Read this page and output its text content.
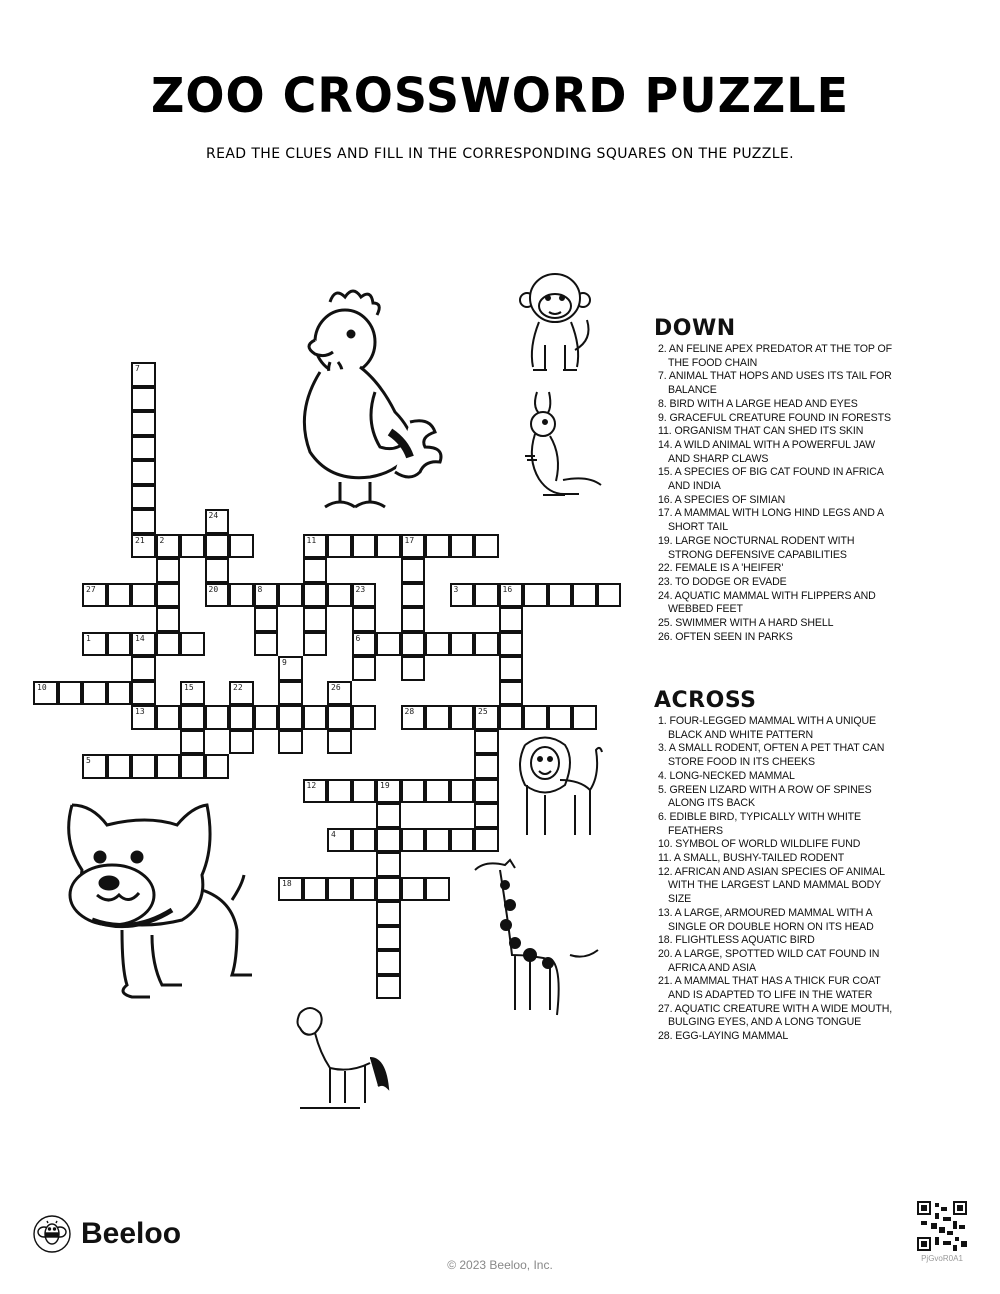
ZOO CROSSWORD PUZZLE
READ THE CLUES AND FILL IN THE CORRESPONDING SQUARES ON THE PUZZLE.
7
21
24
20
2	11	17
27	8	23
6
3	16
1	14
13
9
10	15	22	26
28	25
5
12	19
4
18
DOWN
2. AN FELINE APEX PREDATOR AT THE TOP OF THE FOOD CHAIN
7. ANIMAL THAT HOPS AND USES ITS TAIL FOR BALANCE
8. BIRD WITH A LARGE HEAD AND EYES
9. GRACEFUL CREATURE FOUND IN FORESTS
11. ORGANISM THAT CAN SHED ITS SKIN
14. A WILD ANIMAL WITH A POWERFUL JAW AND SHARP CLAWS
15. A SPECIES OF BIG CAT FOUND IN AFRICA AND INDIA
16. A SPECIES OF SIMIAN
17. A MAMMAL WITH LONG HIND LEGS AND A SHORT TAIL
19. LARGE NOCTURNAL RODENT WITH STRONG DEFENSIVE CAPABILITIES
22. FEMALE IS A 'HEIFER'
23. TO DODGE OR EVADE
24. AQUATIC MAMMAL WITH FLIPPERS AND WEBBED FEET
25. SWIMMER WITH A HARD SHELL
26. OFTEN SEEN IN PARKS
ACROSS
1. FOUR-LEGGED MAMMAL WITH A UNIQUE BLACK AND WHITE PATTERN
3. A SMALL RODENT, OFTEN A PET THAT CAN STORE FOOD IN ITS CHEEKS
4. LONG-NECKED MAMMAL
5. GREEN LIZARD WITH A ROW OF SPINES ALONG ITS BACK
6. EDIBLE BIRD, TYPICALLY WITH WHITE FEATHERS
10. SYMBOL OF WORLD WILDLIFE FUND
11. A SMALL, BUSHY-TAILED RODENT
12. AFRICAN AND ASIAN SPECIES OF ANIMAL WITH THE LARGEST LAND MAMMAL BODY SIZE
13. A LARGE, ARMOURED MAMMAL WITH A SINGLE OR DOUBLE HORN ON ITS HEAD
18. FLIGHTLESS AQUATIC BIRD
20. A LARGE, SPOTTED WILD CAT FOUND IN AFRICA AND ASIA
21. A MAMMAL THAT HAS A THICK FUR COAT AND IS ADAPTED TO LIFE IN THE WATER
27. AQUATIC CREATURE WITH A WIDE MOUTH, BULGING EYES, AND A LONG TONGUE
28. EGG-LAYING MAMMAL
Beeloo
© 2023 Beeloo, Inc.	PjGvoR0A1
